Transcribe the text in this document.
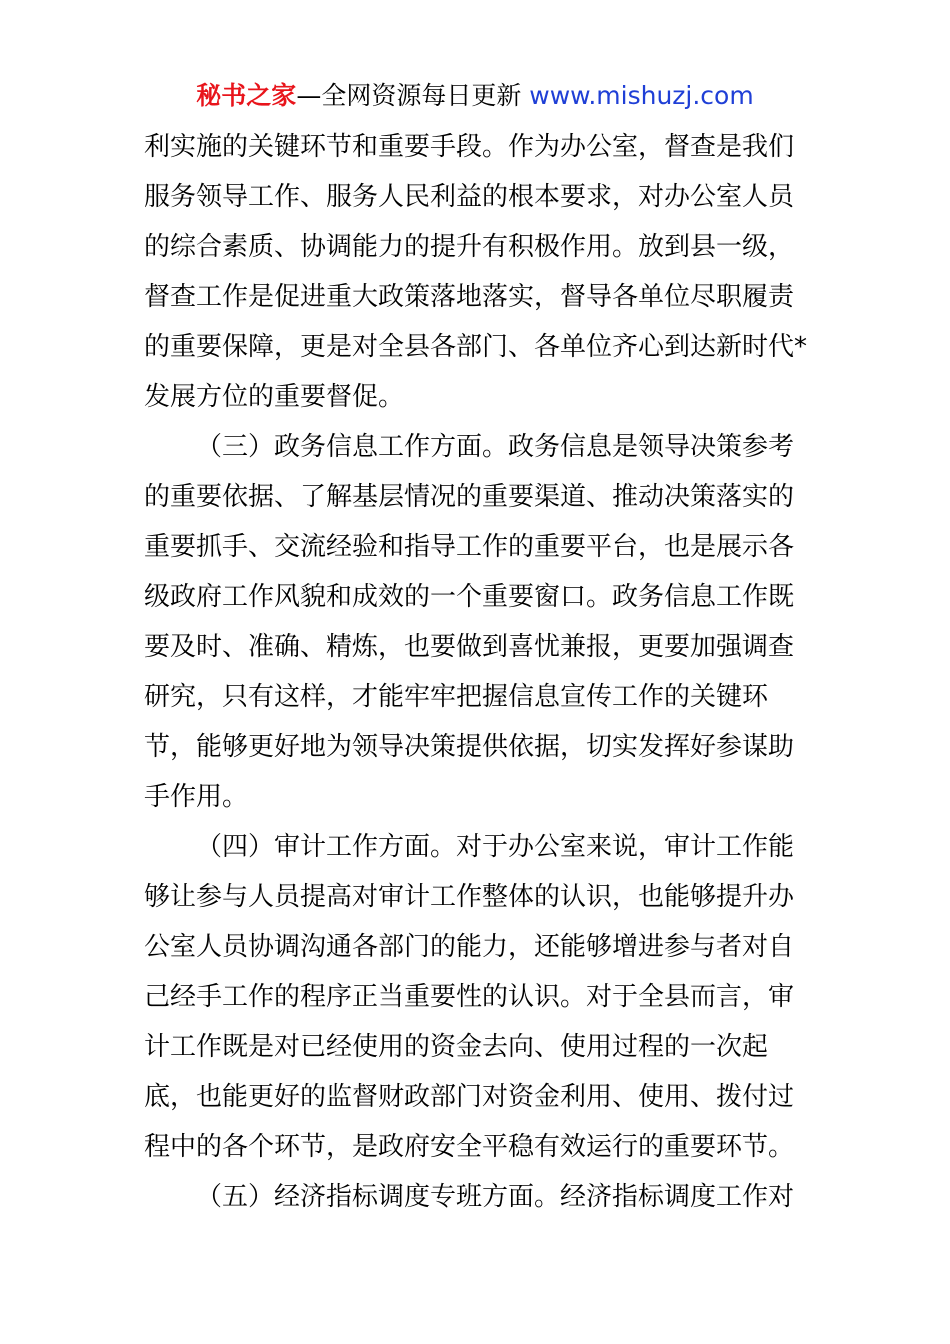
秘书之家—全网资源每日更新 www.mishuzj.com
利实施的关键环节和重要手段。作为办公室，督查是我们
服务领导工作、服务人民利益的根本要求，对办公室人员
的综合素质、协调能力的提升有积极作用。放到县一级，
督查工作是促进重大政策落地落实，督导各单位尽职履责
的重要保障，更是对全县各部门、各单位齐心到达新时代*
发展方位的重要督促。
（三）政务信息工作方面。政务信息是领导决策参考
的重要依据、了解基层情况的重要渠道、推动决策落实的
重要抓手、交流经验和指导工作的重要平台，也是展示各
级政府工作风貌和成效的一个重要窗口。政务信息工作既
要及时、准确、精炼，也要做到喜忧兼报，更要加强调查
研究，只有这样，才能牢牢把握信息宣传工作的关键环
节，能够更好地为领导决策提供依据，切实发挥好参谋助
手作用。
（四）审计工作方面。对于办公室来说，审计工作能
够让参与人员提高对审计工作整体的认识，也能够提升办
公室人员协调沟通各部门的能力，还能够增进参与者对自
己经手工作的程序正当重要性的认识。对于全县而言，审
计工作既是对已经使用的资金去向、使用过程的一次起
底，也能更好的监督财政部门对资金利用、使用、拨付过
程中的各个环节，是政府安全平稳有效运行的重要环节。
（五）经济指标调度专班方面。经济指标调度工作对
